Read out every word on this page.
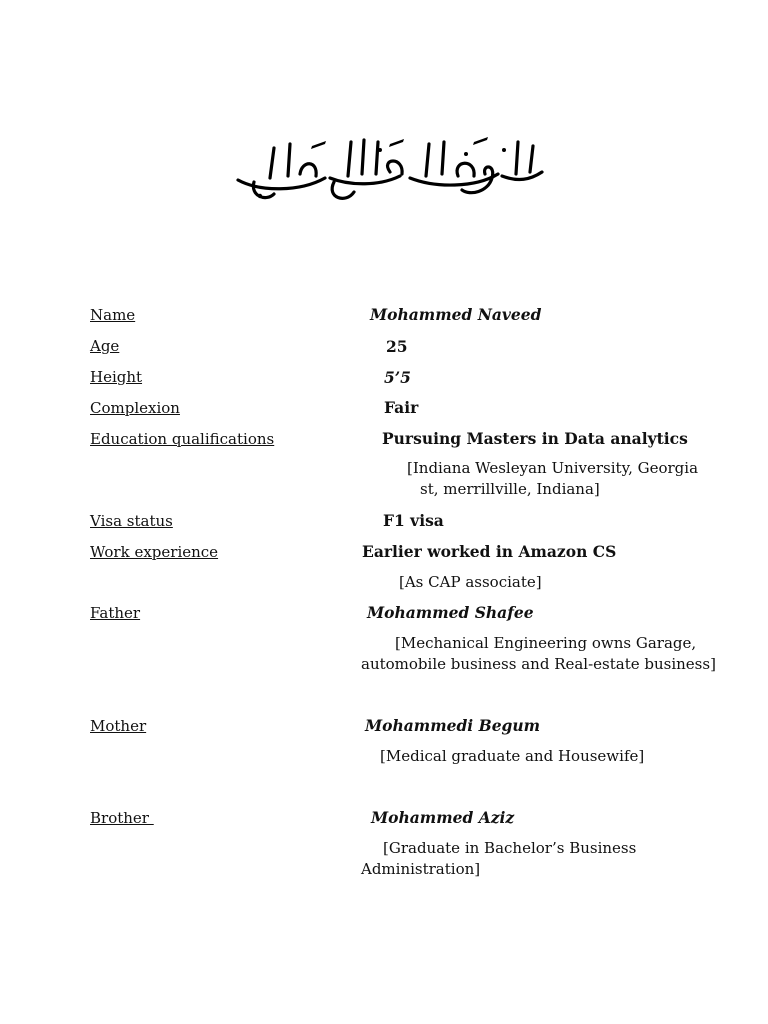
Name	Mohammed Naveed
Age	25
Height	5’5
Complexion	Fair
Education qualifications	Pursuing Masters in Data analytics
[Indiana Wesleyan University, Georgia
st, merrillville, Indiana]
Visa status	F1 visa
Work experience	Earlier worked in Amazon CS
[As CAP associate]
Father	Mohammed Shafee
[Mechanical Engineering owns Garage,
automobile business and Real-estate business]
Mother	Mohammedi Begum
[Medical graduate and Housewife]
Brother	Mohammed Aziz
[Graduate in Bachelor’s Business
Administration]
